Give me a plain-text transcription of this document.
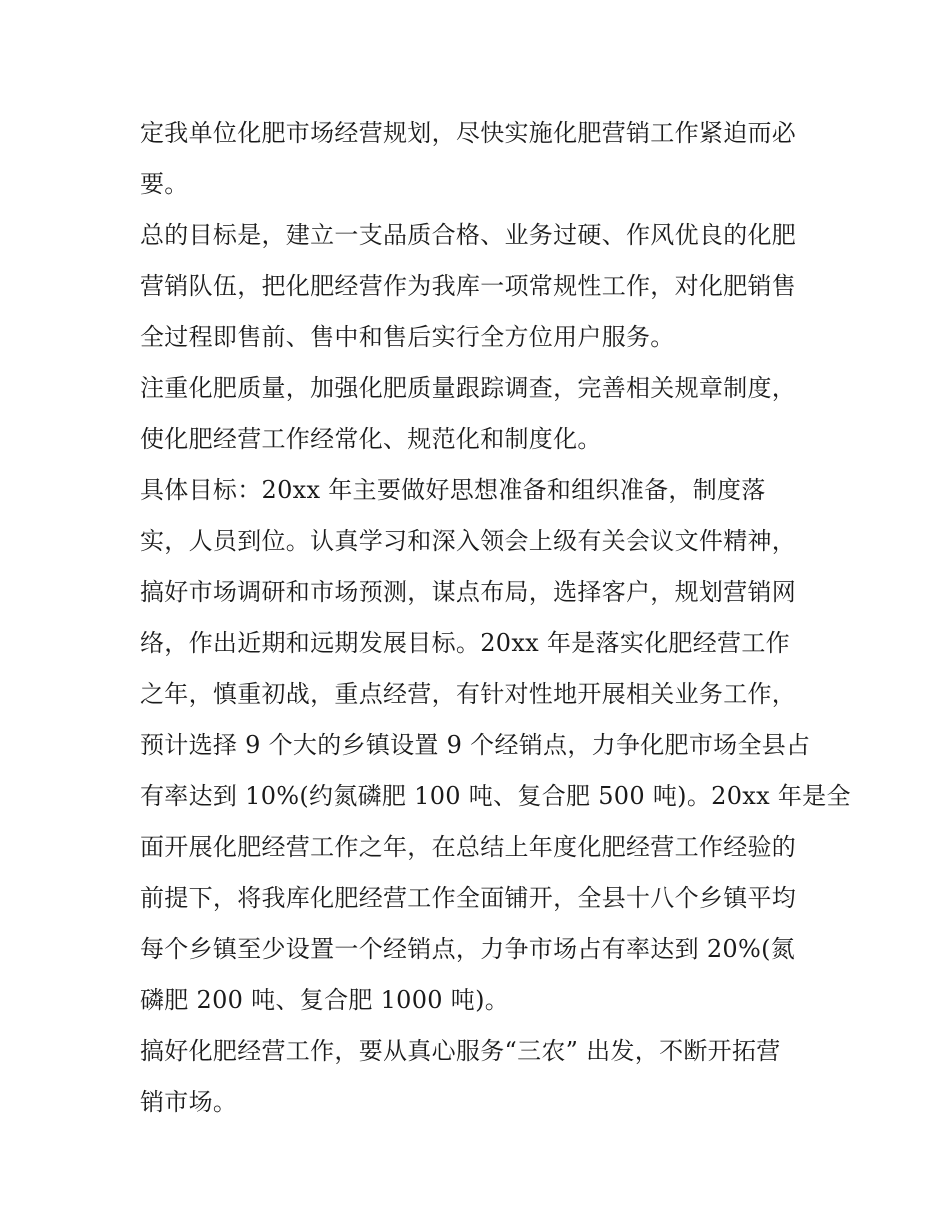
定我单位化肥市场经营规划，尽快实施化肥营销工作紧迫而必
要。
总的目标是，建立一支品质合格、业务过硬、作风优良的化肥
营销队伍，把化肥经营作为我库一项常规性工作，对化肥销售
全过程即售前、售中和售后实行全方位用户服务。
注重化肥质量，加强化肥质量跟踪调查，完善相关规章制度，
使化肥经营工作经常化、规范化和制度化。
具体目标：20xx 年主要做好思想准备和组织准备，制度落
实，人员到位。认真学习和深入领会上级有关会议文件精神，
搞好市场调研和市场预测，谋点布局，选择客户，规划营销网
络，作出近期和远期发展目标。20xx 年是落实化肥经营工作
之年，慎重初战，重点经营，有针对性地开展相关业务工作，
预计选择 9 个大的乡镇设置 9 个经销点，力争化肥市场全县占
有率达到 10%(约氮磷肥 100 吨、复合肥 500 吨)。20xx 年是全
面开展化肥经营工作之年，在总结上年度化肥经营工作经验的
前提下，将我库化肥经营工作全面铺开，全县十八个乡镇平均
每个乡镇至少设置一个经销点，力争市场占有率达到 20%(氮
磷肥 200 吨、复合肥 1000 吨)。
搞好化肥经营工作，要从真心服务“三农” 出发，不断开拓营
销市场。
